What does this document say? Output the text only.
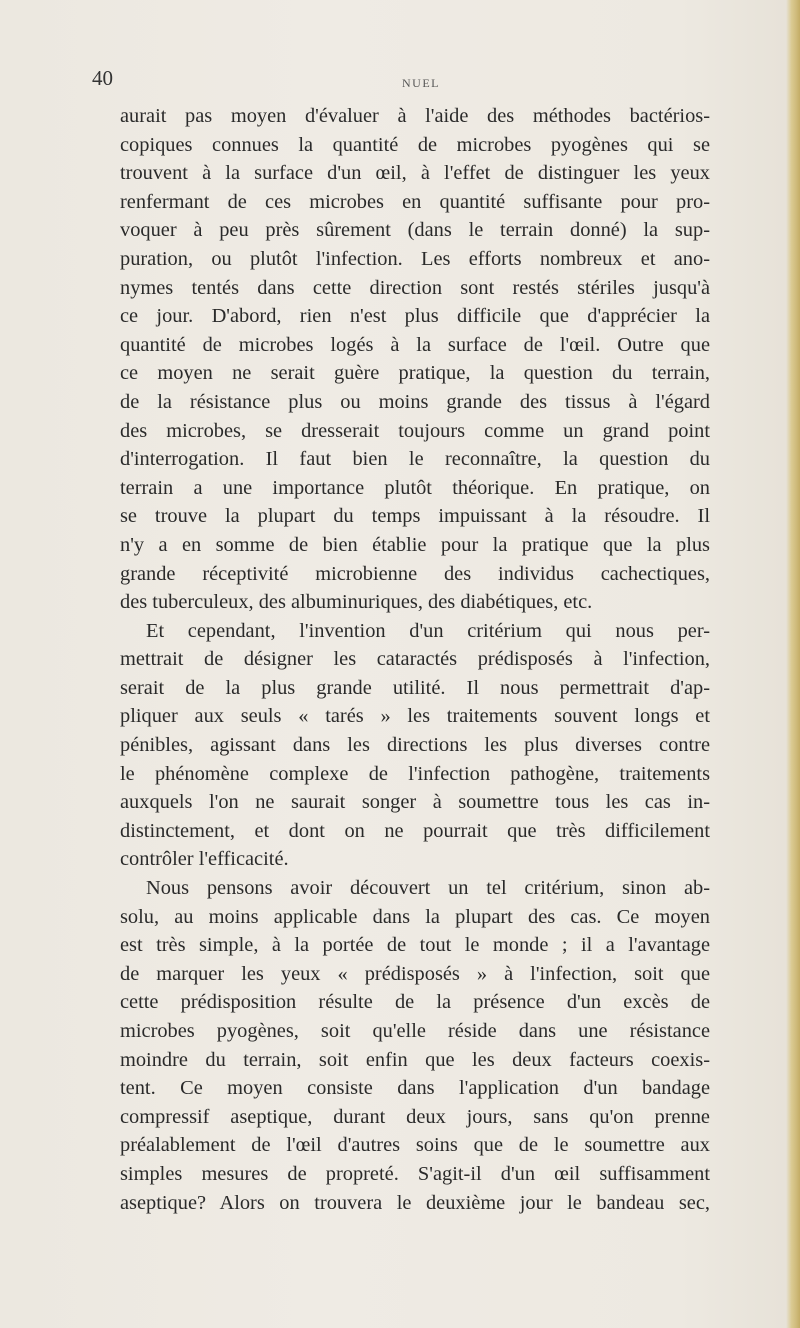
40	NUEL
aurait pas moyen d'évaluer à l'aide des méthodes bactérios-
copiques connues la quantité de microbes pyogènes qui se
trouvent à la surface d'un œil, à l'effet de distinguer les yeux
renfermant de ces microbes en quantité suffisante pour pro-
voquer à peu près sûrement (dans le terrain donné) la sup-
puration, ou plutôt l'infection. Les efforts nombreux et ano-
nymes tentés dans cette direction sont restés stériles jusqu'à
ce jour. D'abord, rien n'est plus difficile que d'apprécier la
quantité de microbes logés à la surface de l'œil. Outre que
ce moyen ne serait guère pratique, la question du terrain,
de la résistance plus ou moins grande des tissus à l'égard
des microbes, se dresserait toujours comme un grand point
d'interrogation. Il faut bien le reconnaître, la question du
terrain a une importance plutôt théorique. En pratique, on
se trouve la plupart du temps impuissant à la résoudre. Il
n'y a en somme de bien établie pour la pratique que la plus
grande réceptivité microbienne des individus cachectiques,
des tuberculeux, des albuminuriques, des diabétiques, etc.
Et cependant, l'invention d'un critérium qui nous per-
mettrait de désigner les cataractés prédisposés à l'infection,
serait de la plus grande utilité. Il nous permettrait d'ap-
pliquer aux seuls « tarés » les traitements souvent longs et
pénibles, agissant dans les directions les plus diverses contre
le phénomène complexe de l'infection pathogène, traitements
auxquels l'on ne saurait songer à soumettre tous les cas in-
distinctement, et dont on ne pourrait que très difficilement
contrôler l'efficacité.
Nous pensons avoir découvert un tel critérium, sinon ab-
solu, au moins applicable dans la plupart des cas. Ce moyen
est très simple, à la portée de tout le monde ; il a l'avantage
de marquer les yeux « prédisposés » à l'infection, soit que
cette prédisposition résulte de la présence d'un excès de
microbes pyogènes, soit qu'elle réside dans une résistance
moindre du terrain, soit enfin que les deux facteurs coexis-
tent. Ce moyen consiste dans l'application d'un bandage
compressif aseptique, durant deux jours, sans qu'on prenne
préalablement de l'œil d'autres soins que de le soumettre aux
simples mesures de propreté. S'agit-il d'un œil suffisamment
aseptique? Alors on trouvera le deuxième jour le bandeau sec,
